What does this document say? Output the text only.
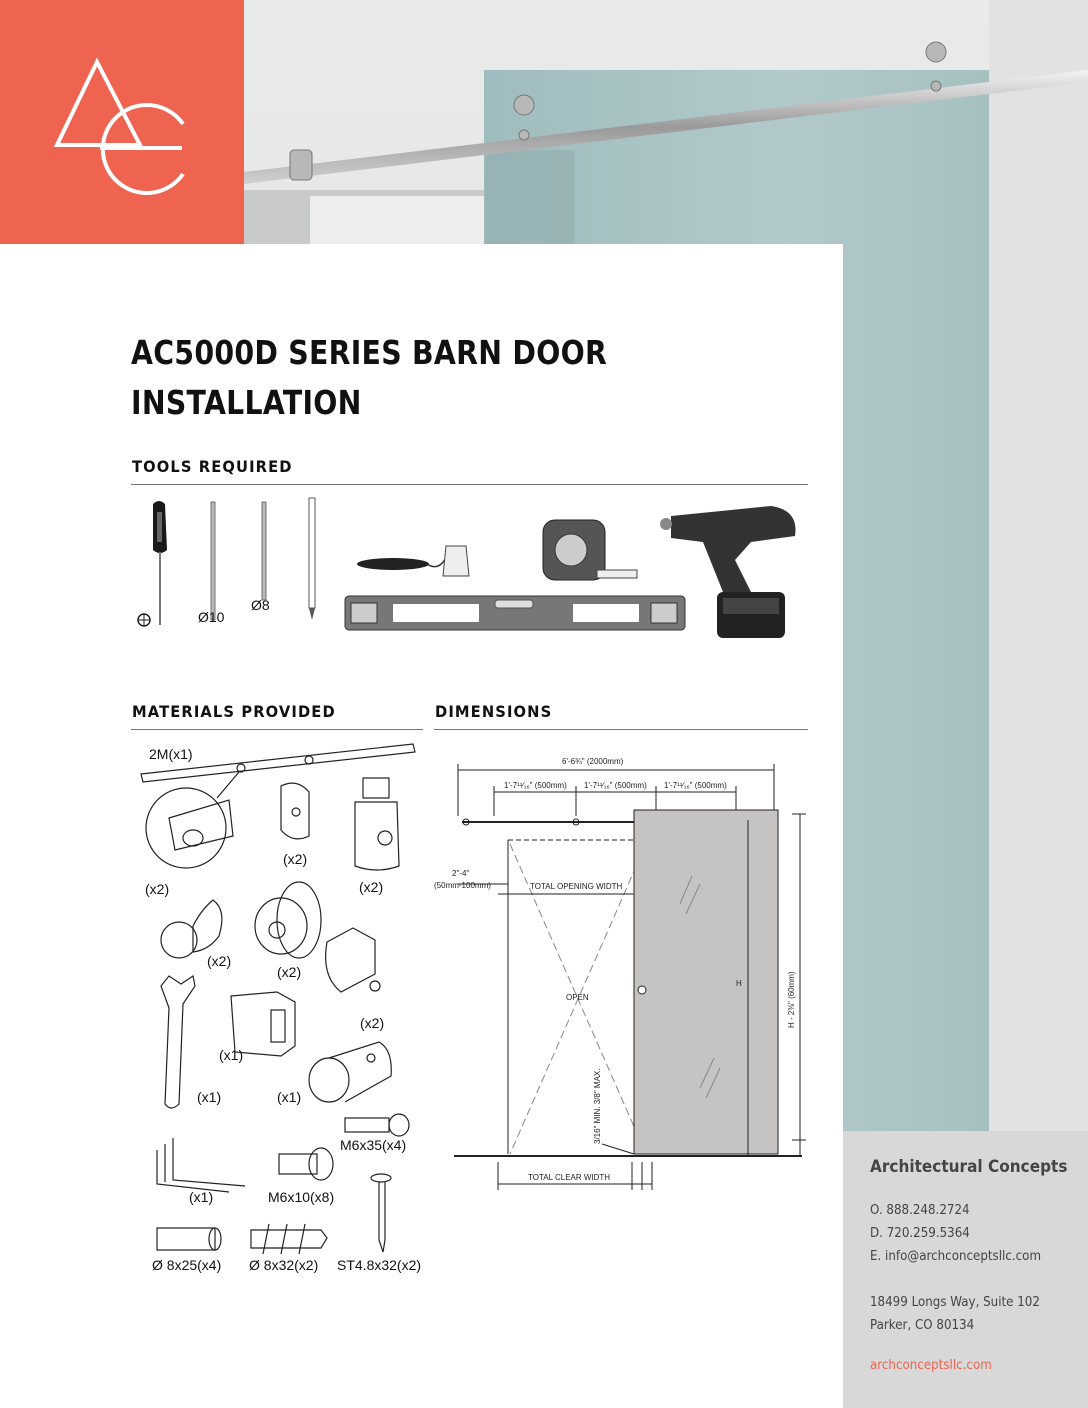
AC5000D SERIES BARN DOOR
INSTALLATION
TOOLS REQUIRED
Ø10
Ø8
MATERIALS PROVIDED
2M(x1)
(x2)
(x2)
(x2)
(x2)
(x2)
(x2)
(x1)
(x1)	(x1)
M6x35(x4)
(x1)	M6x10(x8)
Ø 8x25(x4) Ø 8x32(x2) ST4.8x32(x2)
DIMENSIONS
6'-6¾" (2000mm)
1'-7¹¹⁄₁₆" (500mm) 1'-7¹¹⁄₁₆" (500mm) 1'-7¹¹⁄₁₆" (500mm)
2"-4"
(50mm-100mm)	TOTAL OPENING WIDTH
OPEN
H	H - 2⅜" (60mm)
3/16" MIN. 3/8" MAX.
TOTAL CLEAR WIDTH
Architectural Concepts
O. 888.248.2724
D. 720.259.5364
E. info@archconceptsllc.com
18499 Longs Way, Suite 102
Parker, CO 80134
archconceptsllc.com
